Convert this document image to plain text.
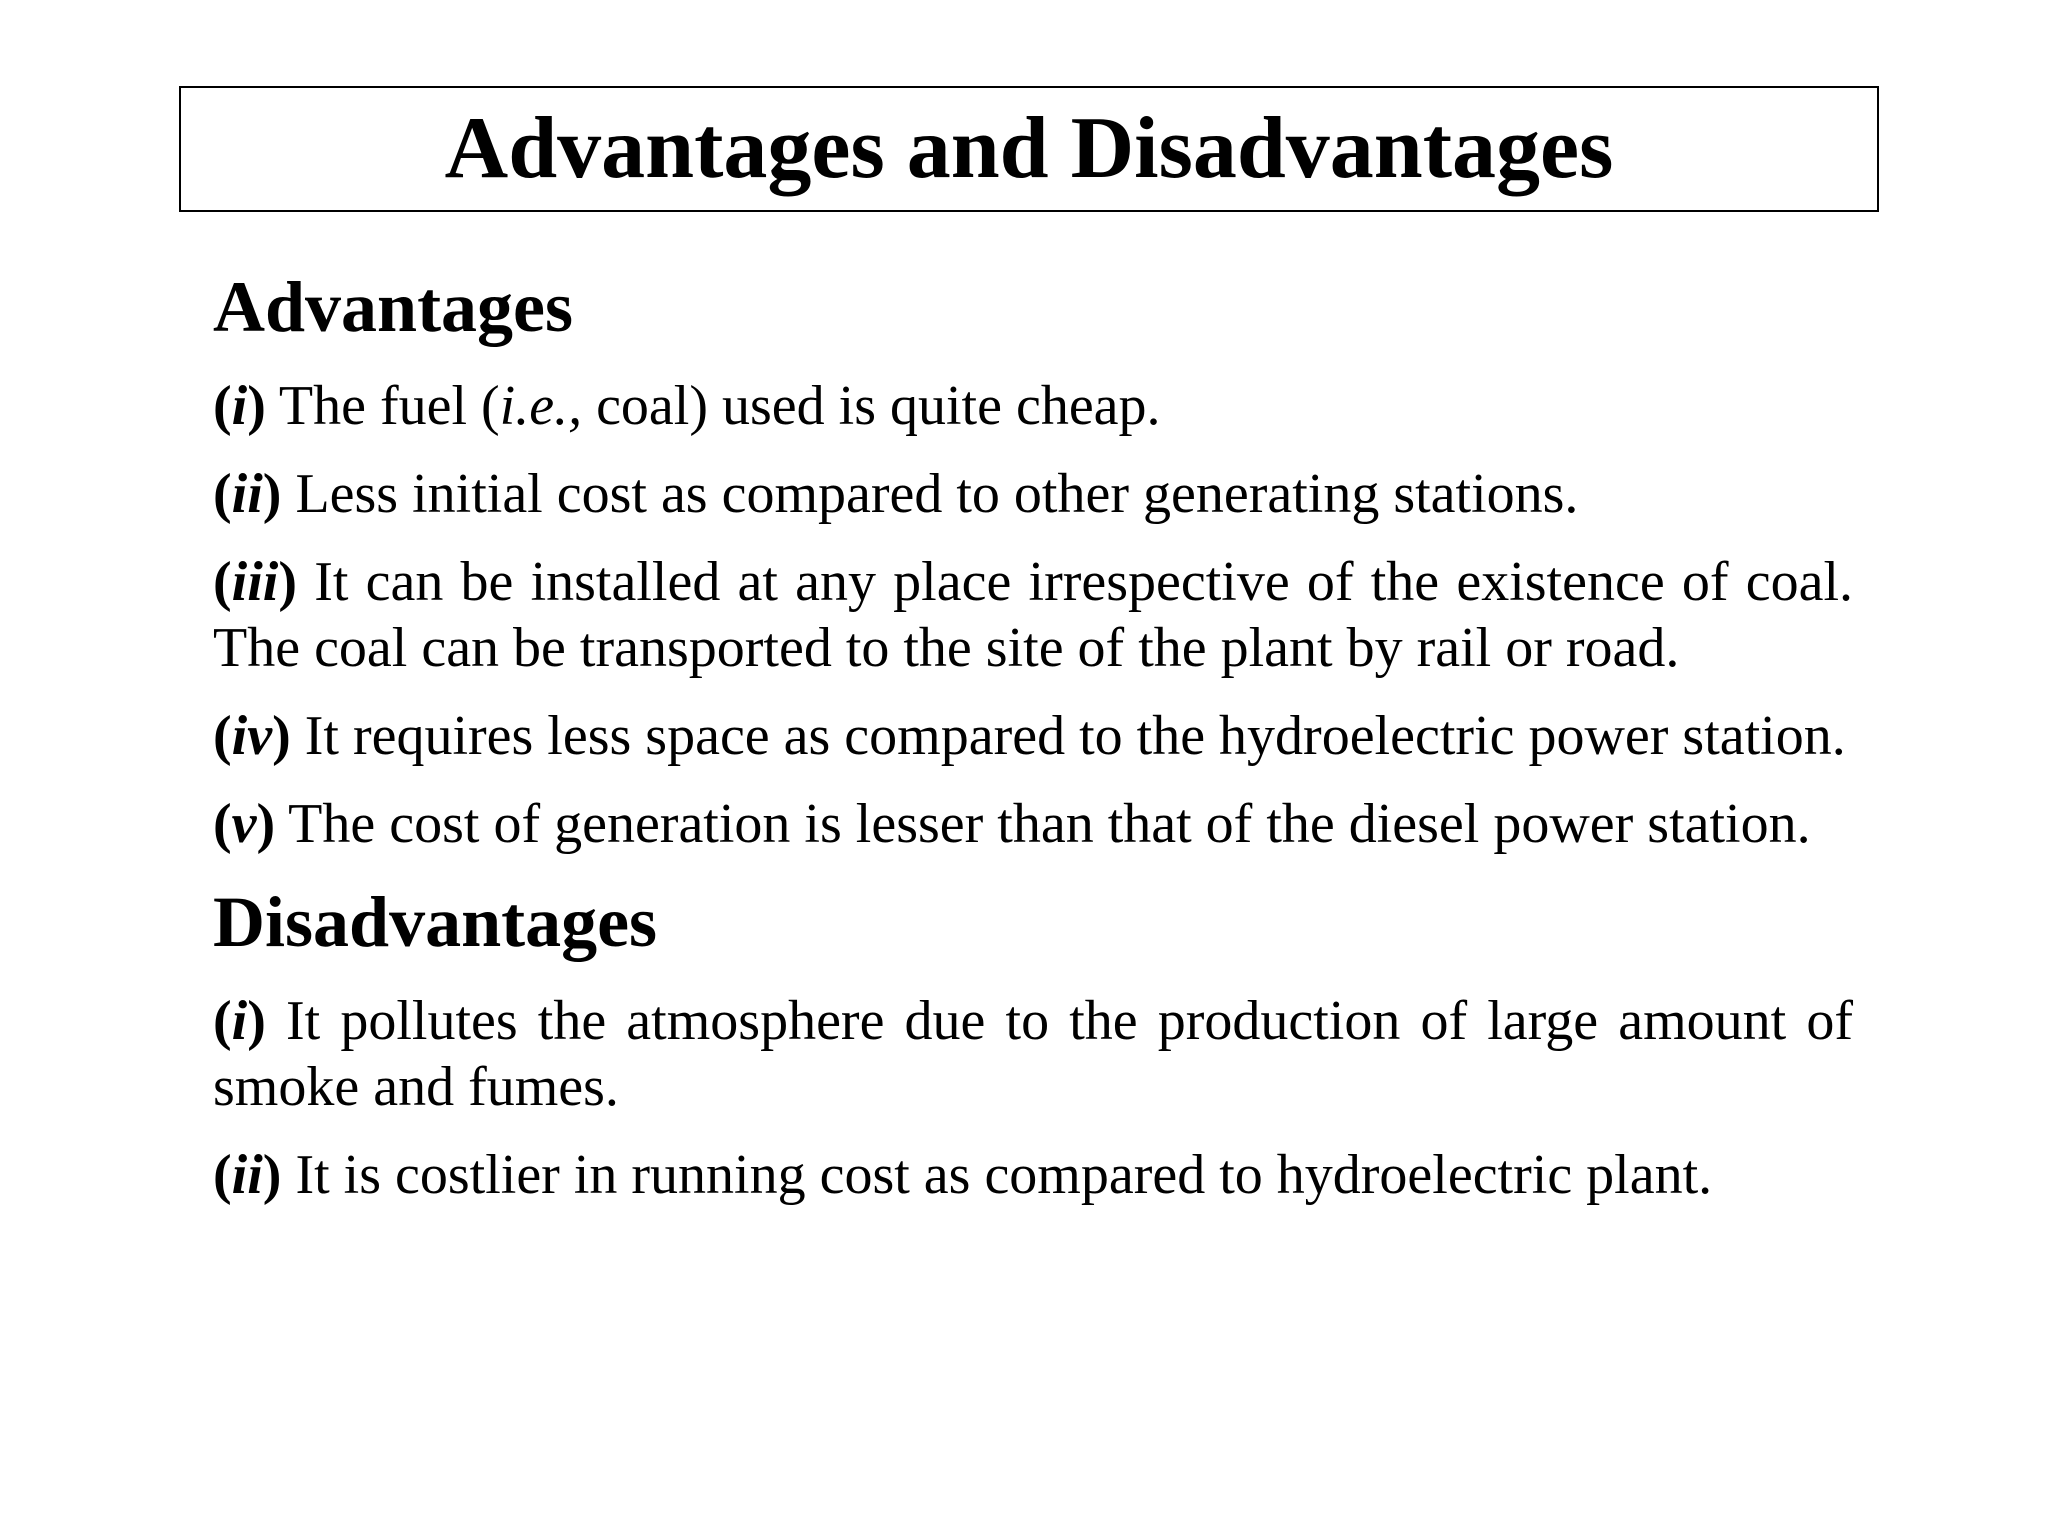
Advantages and Disadvantages
Advantages
(i) The fuel (i.e., coal) used is quite cheap.
(ii) Less initial cost as compared to other generating stations.
(iii) It can be installed at any place irrespective of the existence of coal. The coal can be transported to the site of the plant by rail or road.
(iv) It requires less space as compared to the hydroelectric power station.
(v) The cost of generation is lesser than that of the diesel power station.
Disadvantages
(i) It pollutes the atmosphere due to the production of large amount of smoke and fumes.
(ii) It is costlier in running cost as compared to hydroelectric plant.
